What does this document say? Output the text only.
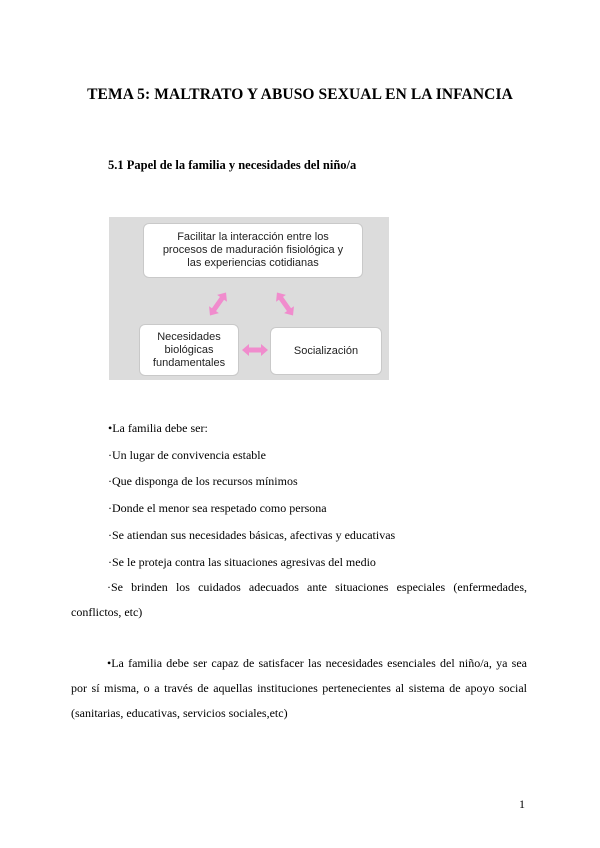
TEMA 5: MALTRATO Y ABUSO SEXUAL EN LA INFANCIA
5.1 Papel de la familia y necesidades del niño/a
Facilitar la interacción entre los
procesos de maduración fisiológica y
las experiencias cotidianas
Necesidades
biológicas
fundamentales
Socialización
•La familia debe ser:
·Un lugar de convivencia estable
·Que disponga de los recursos mínimos
·Donde el menor sea respetado como persona
·Se atiendan sus necesidades básicas, afectivas y educativas
·Se le proteja contra las situaciones agresivas del medio
·Se brinden los cuidados adecuados ante situaciones especiales (enfermedades, conflictos, etc)
•La familia debe ser capaz de satisfacer las necesidades esenciales del niño/a, ya sea por sí misma, o a través de aquellas instituciones pertenecientes al sistema de apoyo social (sanitarias, educativas, servicios sociales,etc)
1
